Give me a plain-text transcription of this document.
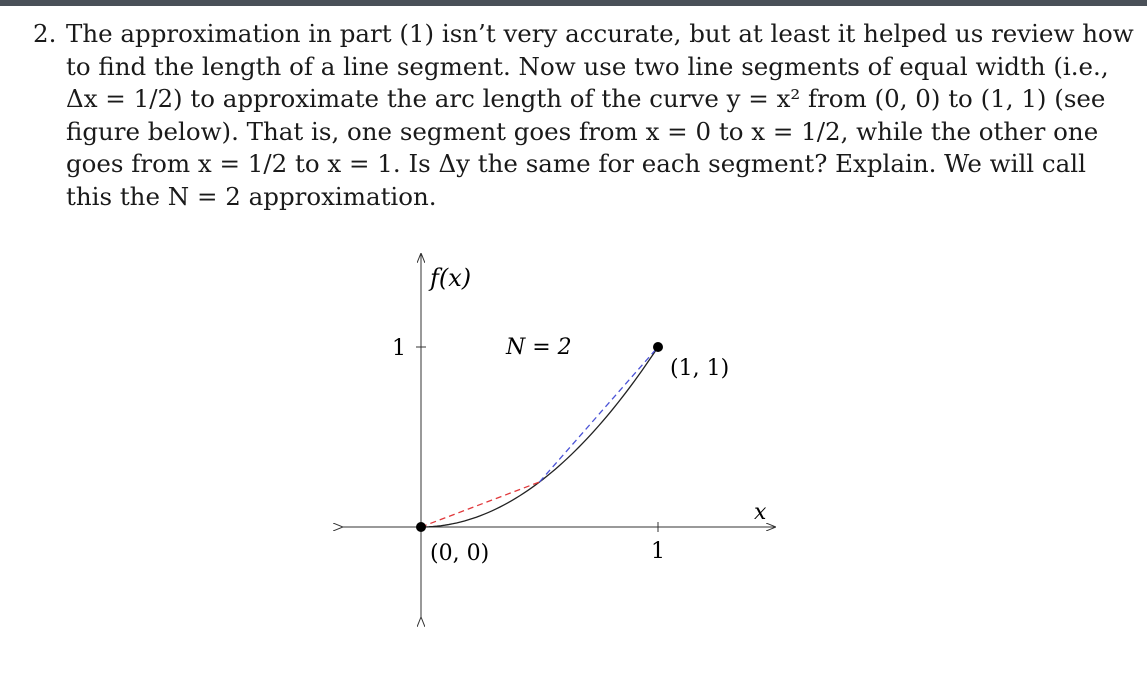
2. The approximation in part (1) isn’t very accurate, but at least it helped us review how
to find the length of a line segment. Now use two line segments of equal width (i.e.,
Δx = 1/2) to approximate the arc length of the curve y = x² from (0, 0) to (1, 1) (see
figure below). That is, one segment goes from x = 0 to x = 1/2, while the other one
goes from x = 1/2 to x = 1. Is Δy the same for each segment? Explain. We will call
this the N = 2 approximation.
f(x)
x
1
1
(0, 0)
(1, 1)
N = 2
